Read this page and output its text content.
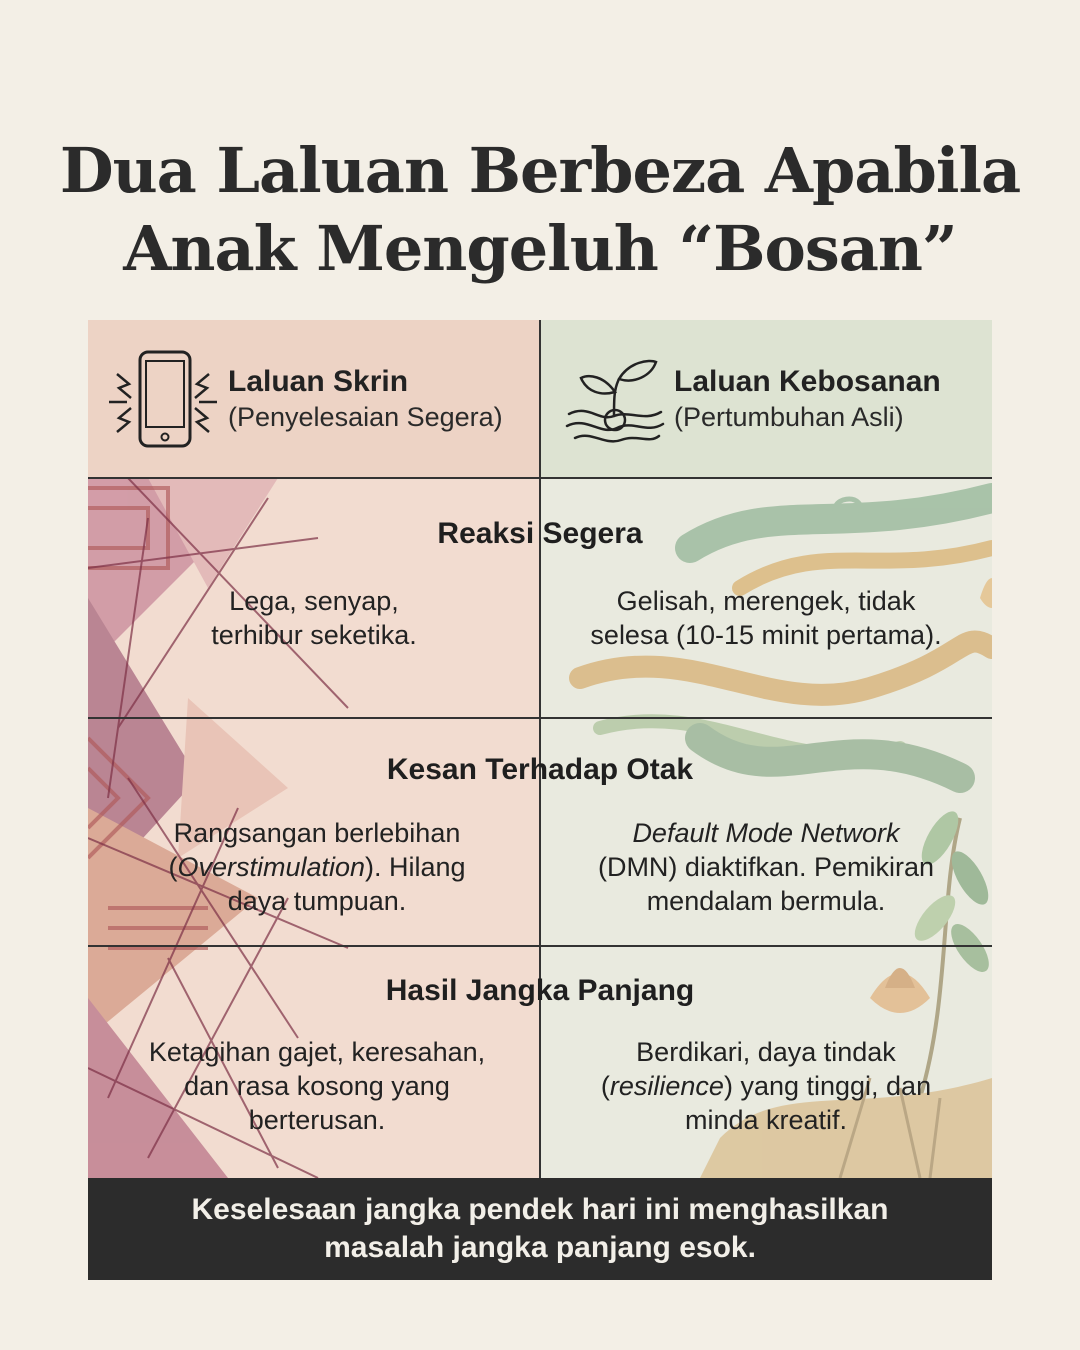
Dua Laluan Berbeza Apabila
Anak Mengeluh “Bosan”
Laluan Skrin
(Penyelesaian Segera)
Laluan Kebosanan
(Pertumbuhan Asli)
Reaksi Segera
Lega, senyap,
terhibur seketika.
Gelisah, merengek, tidak
selesa (10-15 minit pertama).
Kesan Terhadap Otak
Rangsangan berlebihan
(Overstimulation). Hilang
daya tumpuan.
Default Mode Network
(DMN) diaktifkan. Pemikiran
mendalam bermula.
Hasil Jangka Panjang
Ketagihan gajet, keresahan,
dan rasa kosong yang
berterusan.
Berdikari, daya tindak
(resilience) yang tinggi, dan
minda kreatif.
Keselesaan jangka pendek hari ini menghasilkan
masalah jangka panjang esok.
